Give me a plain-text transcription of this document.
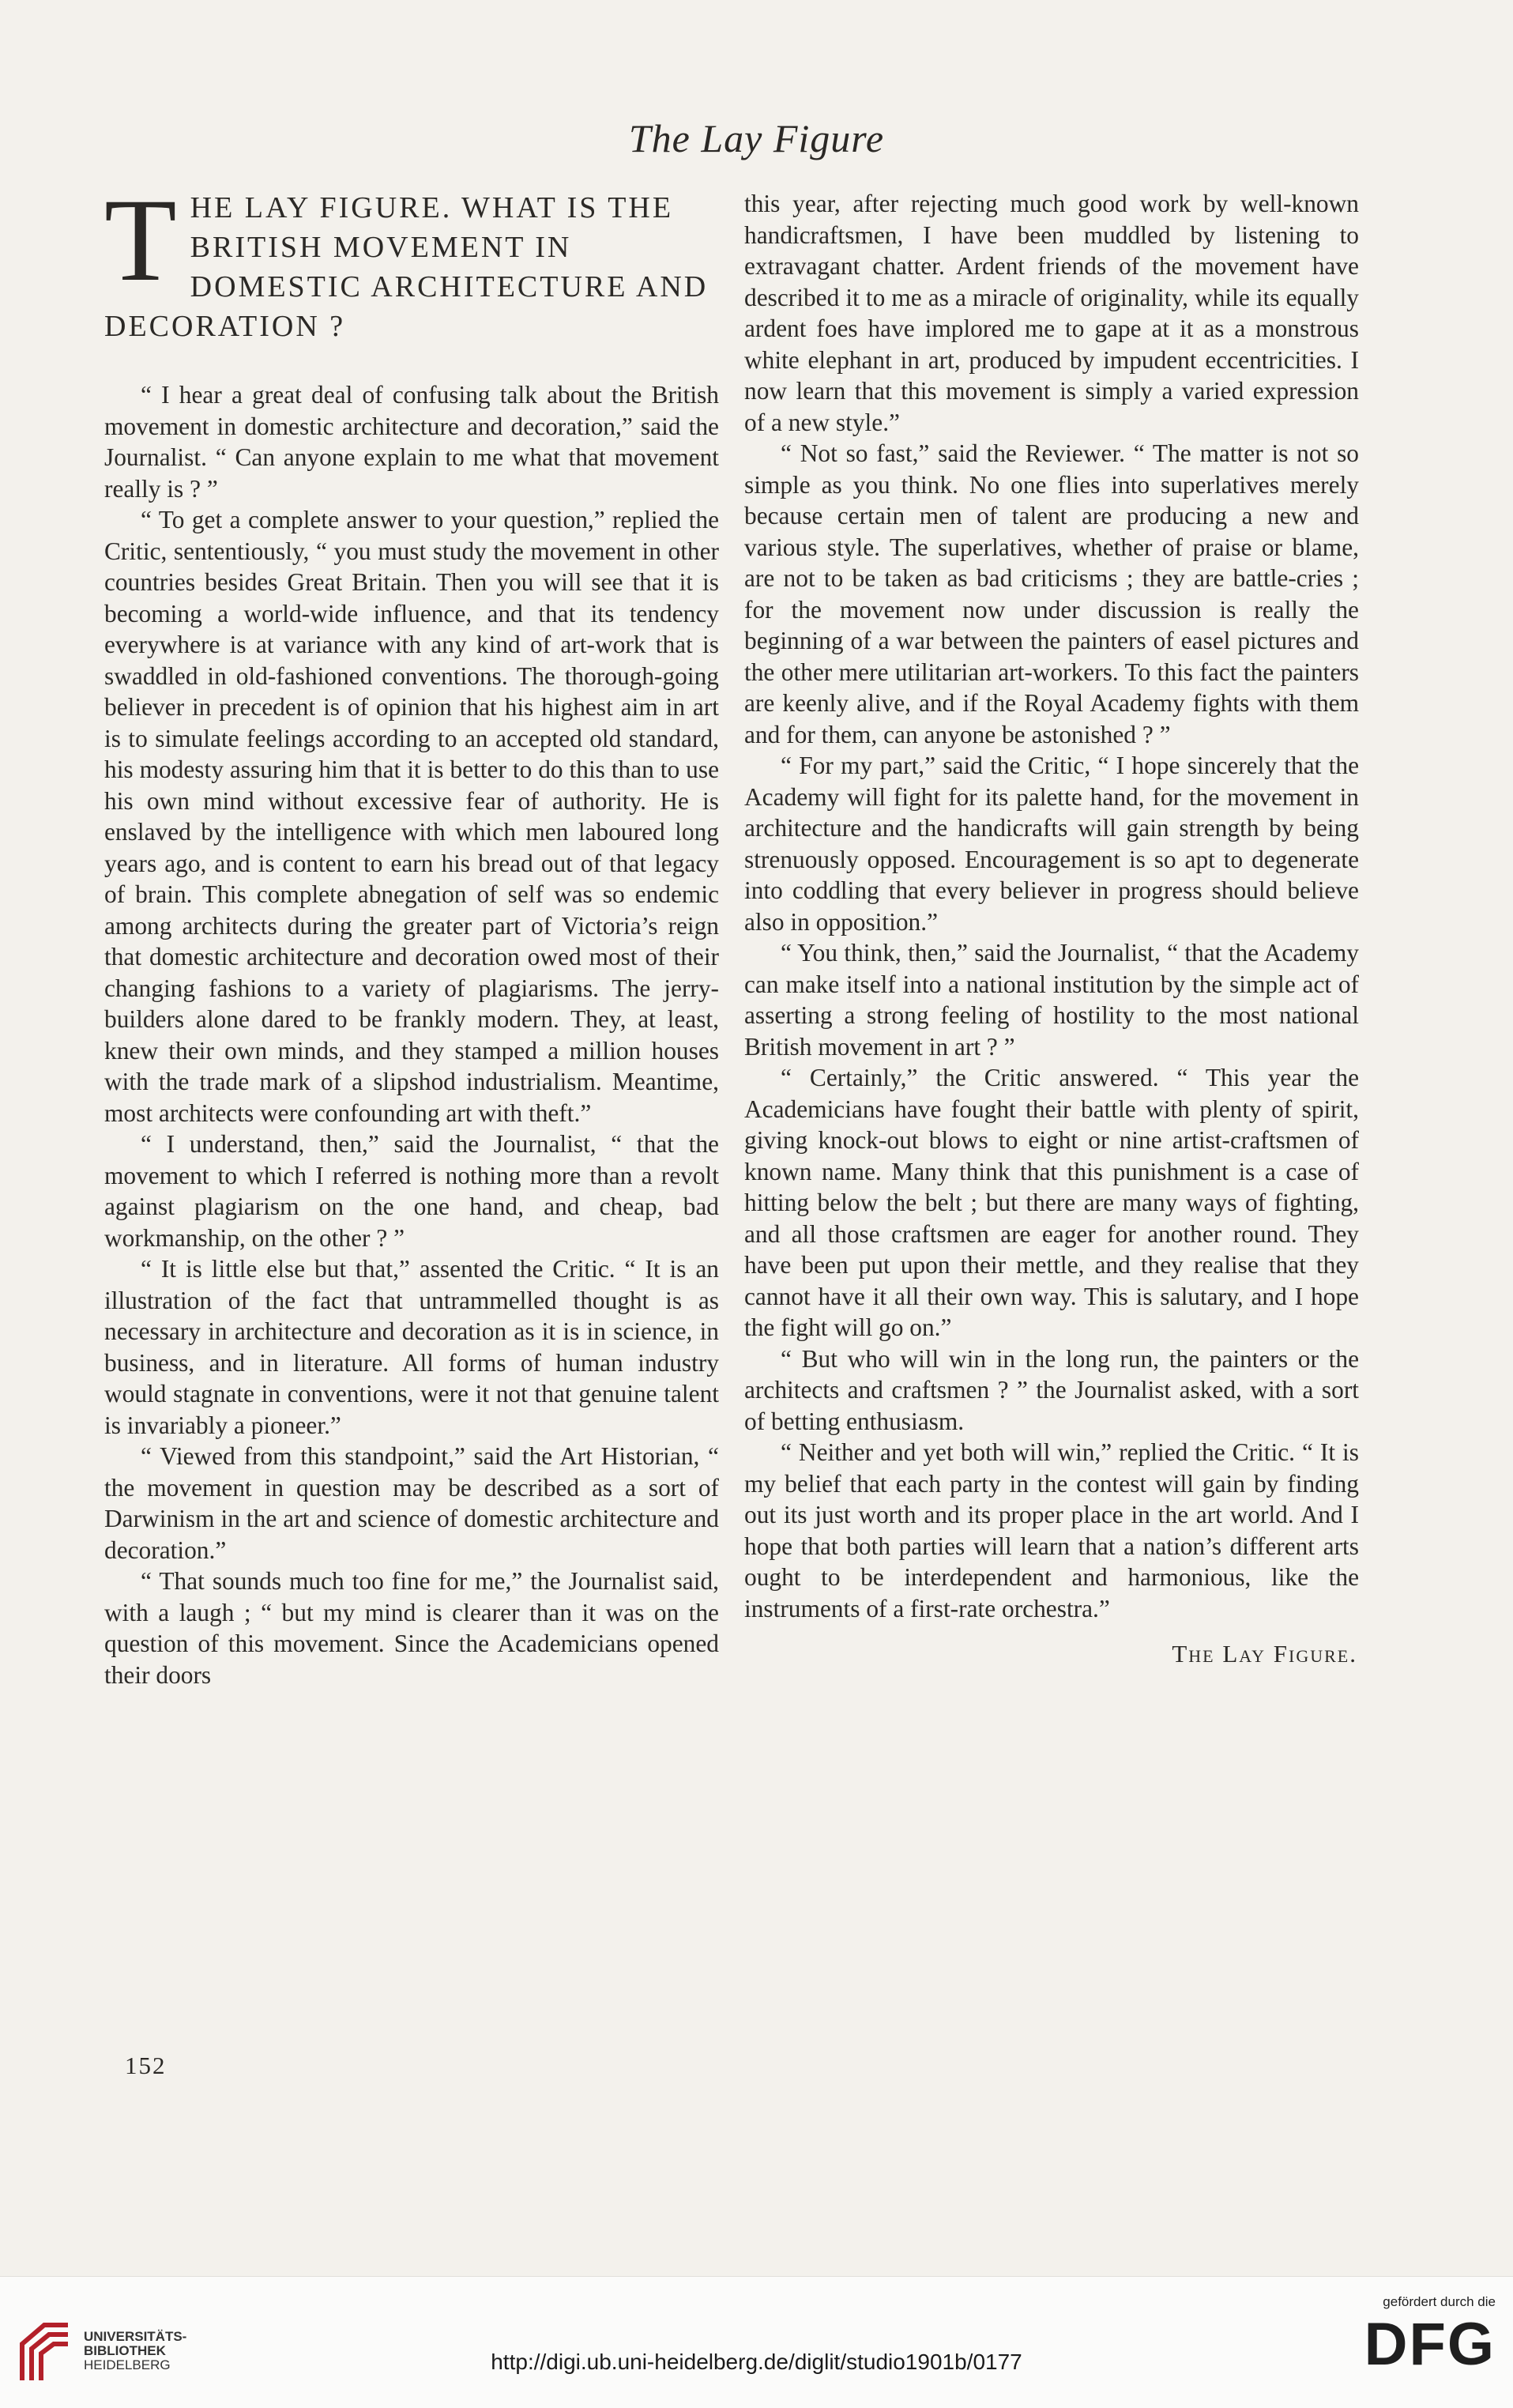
The Lay Figure
T HE LAY FIGURE. WHAT IS THE BRITISH MOVEMENT IN DOMESTIC ARCHITECTURE AND DECORATION ?

“ I hear a great deal of confusing talk about the British movement in domestic architecture and decoration,” said the Journalist. “ Can anyone explain to me what that movement really is ? ”

“ To get a complete answer to your question,” replied the Critic, sententiously, “ you must study the movement in other countries besides Great Britain. Then you will see that it is becoming a world-wide influence, and that its tendency everywhere is at variance with any kind of art-work that is swaddled in old-fashioned conventions. The thorough-going believer in precedent is of opinion that his highest aim in art is to simulate feelings according to an accepted old standard, his modesty assuring him that it is better to do this than to use his own mind without excessive fear of authority. He is enslaved by the intelligence with which men laboured long years ago, and is content to earn his bread out of that legacy of brain. This complete abnegation of self was so endemic among architects during the greater part of Victoria’s reign that domestic architecture and decoration owed most of their changing fashions to a variety of plagiarisms. The jerry-builders alone dared to be frankly modern. They, at least, knew their own minds, and they stamped a million houses with the trade mark of a slipshod industrialism. Meantime, most architects were confounding art with theft.”

“ I understand, then,” said the Journalist, “ that the movement to which I referred is nothing more than a revolt against plagiarism on the one hand, and cheap, bad workmanship, on the other ? ”

“ It is little else but that,” assented the Critic. “ It is an illustration of the fact that untrammelled thought is as necessary in architecture and decoration as it is in science, in business, and in literature. All forms of human industry would stagnate in conventions, were it not that genuine talent is invariably a pioneer.”

“ Viewed from this standpoint,” said the Art Historian, “ the movement in question may be described as a sort of Darwinism in the art and science of domestic architecture and decoration.”

“ That sounds much too fine for me,” the Journalist said, with a laugh ; “ but my mind is clearer than it was on the question of this movement. Since the Academicians opened their doors

this year, after rejecting much good work by well-known handicraftsmen, I have been muddled by listening to extravagant chatter. Ardent friends of the movement have described it to me as a miracle of originality, while its equally ardent foes have implored me to gape at it as a monstrous white elephant in art, produced by impudent eccentricities. I now learn that this movement is simply a varied expression of a new style.”

“ Not so fast,” said the Reviewer. “ The matter is not so simple as you think. No one flies into superlatives merely because certain men of talent are producing a new and various style. The superlatives, whether of praise or blame, are not to be taken as bad criticisms ; they are battle-cries ; for the movement now under discussion is really the beginning of a war between the painters of easel pictures and the other mere utilitarian art-workers. To this fact the painters are keenly alive, and if the Royal Academy fights with them and for them, can anyone be astonished ? ”

“ For my part,” said the Critic, “ I hope sincerely that the Academy will fight for its palette hand, for the movement in architecture and the handicrafts will gain strength by being strenuously opposed. Encouragement is so apt to degenerate into coddling that every believer in progress should believe also in opposition.”

“ You think, then,” said the Journalist, “ that the Academy can make itself into a national institution by the simple act of asserting a strong feeling of hostility to the most national British movement in art ? ”

“ Certainly,” the Critic answered. “ This year the Academicians have fought their battle with plenty of spirit, giving knock-out blows to eight or nine artist-craftsmen of known name. Many think that this punishment is a case of hitting below the belt ; but there are many ways of fighting, and all those craftsmen are eager for another round. They have been put upon their mettle, and they realise that they cannot have it all their own way. This is salutary, and I hope the fight will go on.”

“ But who will win in the long run, the painters or the architects and craftsmen ? ” the Journalist asked, with a sort of betting enthusiasm.

“ Neither and yet both will win,” replied the Critic. “ It is my belief that each party in the contest will gain by finding out its just worth and its proper place in the art world. And I hope that both parties will learn that a nation’s different arts ought to be interdependent and harmonious, like the instruments of a first-rate orchestra.”

The Lay Figure.
152
UNIVERSITÄTS-
BIBLIOTHEK
HEIDELBERG	http://digi.ub.uni-heidelberg.de/diglit/studio1901b/0177
gefördert durch die
DFG
